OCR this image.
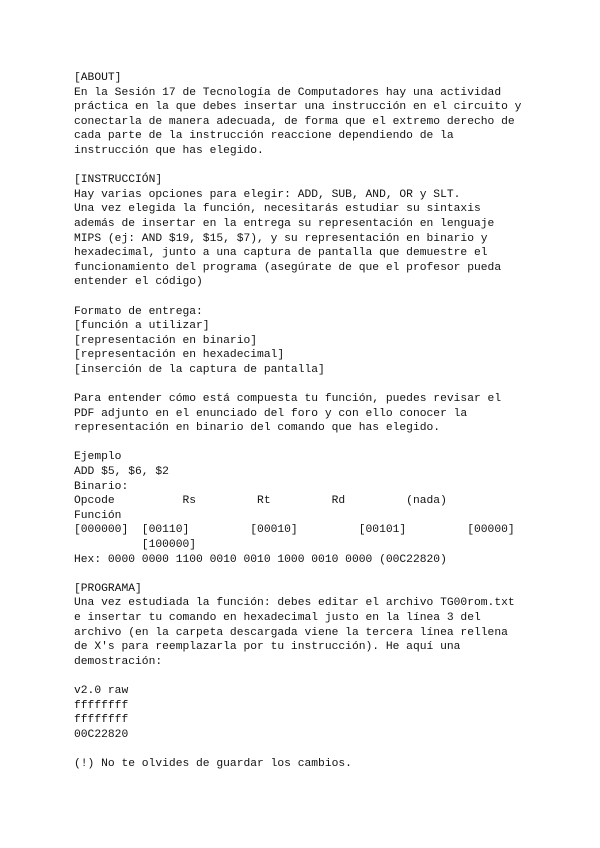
[ABOUT]
En la Sesión 17 de Tecnología de Computadores hay una actividad
práctica en la que debes insertar una instrucción en el circuito y
conectarla de manera adecuada, de forma que el extremo derecho de
cada parte de la instrucción reaccione dependiendo de la
instrucción que has elegido.
[INSTRUCCIÓN]
Hay varias opciones para elegir: ADD, SUB, AND, OR y SLT.
Una vez elegida la función, necesitarás estudiar su sintaxis
además de insertar en la entrega su representación en lenguaje
MIPS (ej: AND $19, $15, $7), y su representación en binario y
hexadecimal, junto a una captura de pantalla que demuestre el
funcionamiento del programa (asegúrate de que el profesor pueda
entender el código)
Formato de entrega:
[función a utilizar]
[representación en binario]
[representación en hexadecimal]
[inserción de la captura de pantalla]
Para entender cómo está compuesta tu función, puedes revisar el
PDF adjunto en el enunciado del foro y con ello conocer la
representación en binario del comando que has elegido.
Ejemplo
ADD $5, $6, $2
Binario:
Opcode          Rs         Rt         Rd         (nada)
Función
[000000]  [00110]         [00010]         [00101]         [00000]
[100000]
Hex: 0000 0000 1100 0010 0010 1000 0010 0000 (00C22820)
[PROGRAMA]
Una vez estudiada la función: debes editar el archivo TG00rom.txt
e insertar tu comando en hexadecimal justo en la línea 3 del
archivo (en la carpeta descargada viene la tercera línea rellena
de X's para reemplazarla por tu instrucción). He aquí una
demostración:
v2.0 raw
ffffffff
ffffffff
00C22820
(!) No te olvides de guardar los cambios.
